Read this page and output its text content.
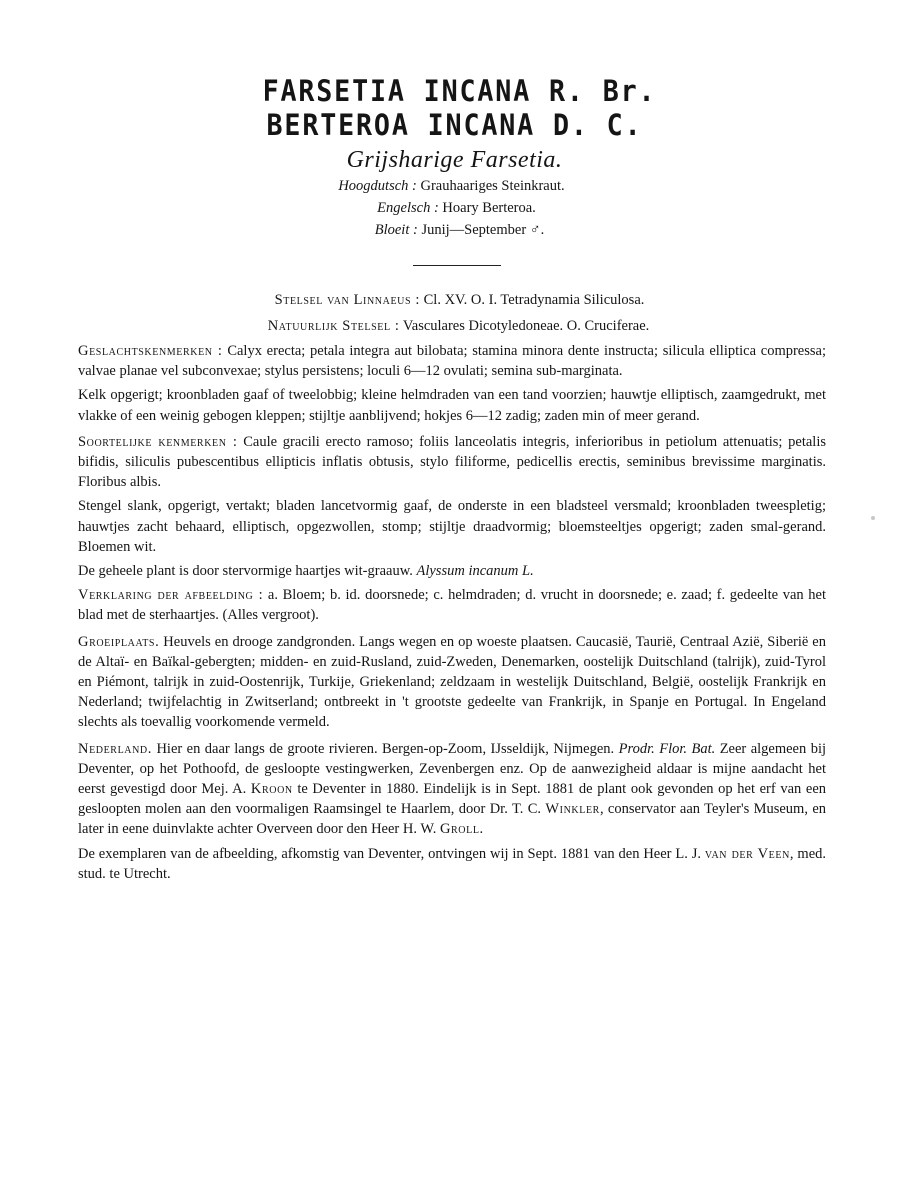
FARSETIA INCANA R. Br.
BERTEROA INCANA D. C.
Grijsharige Farsetia.
Hoogdutsch : Grauhaariges Steinkraut.
Engelsch : Hoary Berteroa.
Bloeit : Junij—September ♂.
Stelsel van Linnaeus : Cl. XV. O. I. Tetradynamia Siliculosa.
Natuurlijk Stelsel : Vasculares Dicotyledoneae. O. Cruciferae.

Geslachtskenmerken : Calyx erecta; petala integra aut bilobata; stamina minora dente instructa; silicula elliptica compressa; valvae planae vel subconvexae; stylus persistens; loculi 6—12 ovulati; semina sub-marginata.

Kelk opgerigt; kroonbladen gaaf of tweelobbig; kleine helmdraden van een tand voorzien; hauwtje elliptisch, zaamgedrukt, met vlakke of een weinig gebogen kleppen; stijltje aanblijvend; hokjes 6—12 zadig; zaden min of meer gerand.

Soortelijke kenmerken : Caule gracili erecto ramoso; foliis lanceolatis integris, inferioribus in petiolum attenuatis; petalis bifidis, siliculis pubescentibus ellipticis inflatis obtusis, stylo filiforme, pedicellis erectis, seminibus brevissime marginatis. Floribus albis.

Stengel slank, opgerigt, vertakt; bladen lancetvormig gaaf, de onderste in een bladsteel versmald; kroonbladen tweespletig; hauwtjes zacht behaard, elliptisch, opgezwollen, stomp; stijltje draadvormig; bloemsteeltjes opgerigt; zaden smal-gerand. Bloemen wit.

De geheele plant is door stervormige haartjes wit-graauw. Alyssum incanum L.

Verklaring der afbeelding : a. Bloem; b. id. doorsnede; c. helmdraden; d. vrucht in doorsnede; e. zaad; f. gedeelte van het blad met de sterhaartjes. (Alles vergroot).

Groeiplaats. Heuvels en drooge zandgronden. Langs wegen en op woeste plaatsen. Caucasië, Taurië, Centraal Azië, Siberië en de Altaï- en Baïkal-gebergten; midden- en zuid-Rusland, zuid-Zweden, Denemarken, oostelijk Duitschland (talrijk), zuid-Tyrol en Piémont, talrijk in zuid-Oostenrijk, Turkije, Griekenland; zeldzaam in westelijk Duitschland, België, oostelijk Frankrijk en Nederland; twijfelachtig in Zwitserland; ontbreekt in 't grootste gedeelte van Frankrijk, in Spanje en Portugal. In Engeland slechts als toevallig voorkomende vermeld.

Nederland. Hier en daar langs de groote rivieren. Bergen-op-Zoom, IJsseldijk, Nijmegen. Prodr. Flor. Bat. Zeer algemeen bij Deventer, op het Pothoofd, de gesloopte vestingwerken, Zevenbergen enz. Op de aanwezigheid aldaar is mijne aandacht het eerst gevestigd door Mej. A. Kroon te Deventer in 1880. Eindelijk is in Sept. 1881 de plant ook gevonden op het erf van een gesloopten molen aan den voormaligen Raamsingel te Haarlem, door Dr. T. C. Winkler, conservator aan Teyler's Museum, en later in eene duinvlakte achter Overveen door den Heer H. W. Groll.

De exemplaren van de afbeelding, afkomstig van Deventer, ontvingen wij in Sept. 1881 van den Heer L. J. van der Veen, med. stud. te Utrecht.
